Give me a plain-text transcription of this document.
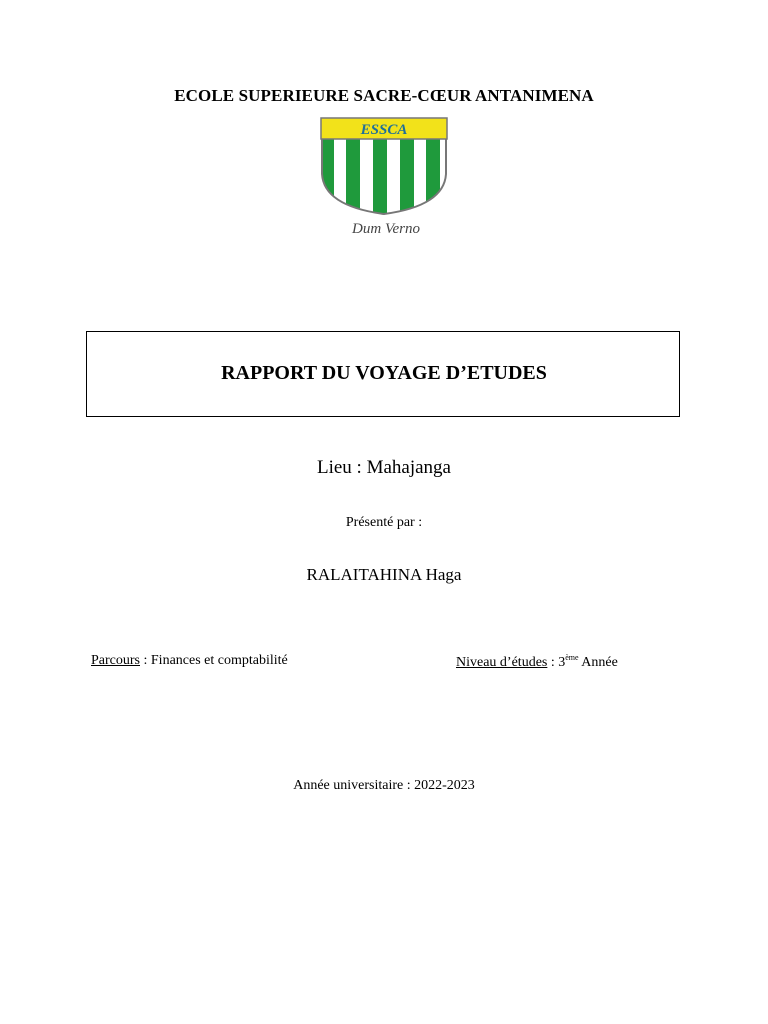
ECOLE SUPERIEURE SACRE-CŒUR ANTANIMENA
ESSCA
Dum Verno
RAPPORT DU VOYAGE D’ETUDES
Lieu : Mahajanga
Présenté par :
RALAITAHINA Haga
Parcours : Finances et comptabilité	Niveau d’études : 3ème Année
Année universitaire : 2022-2023
